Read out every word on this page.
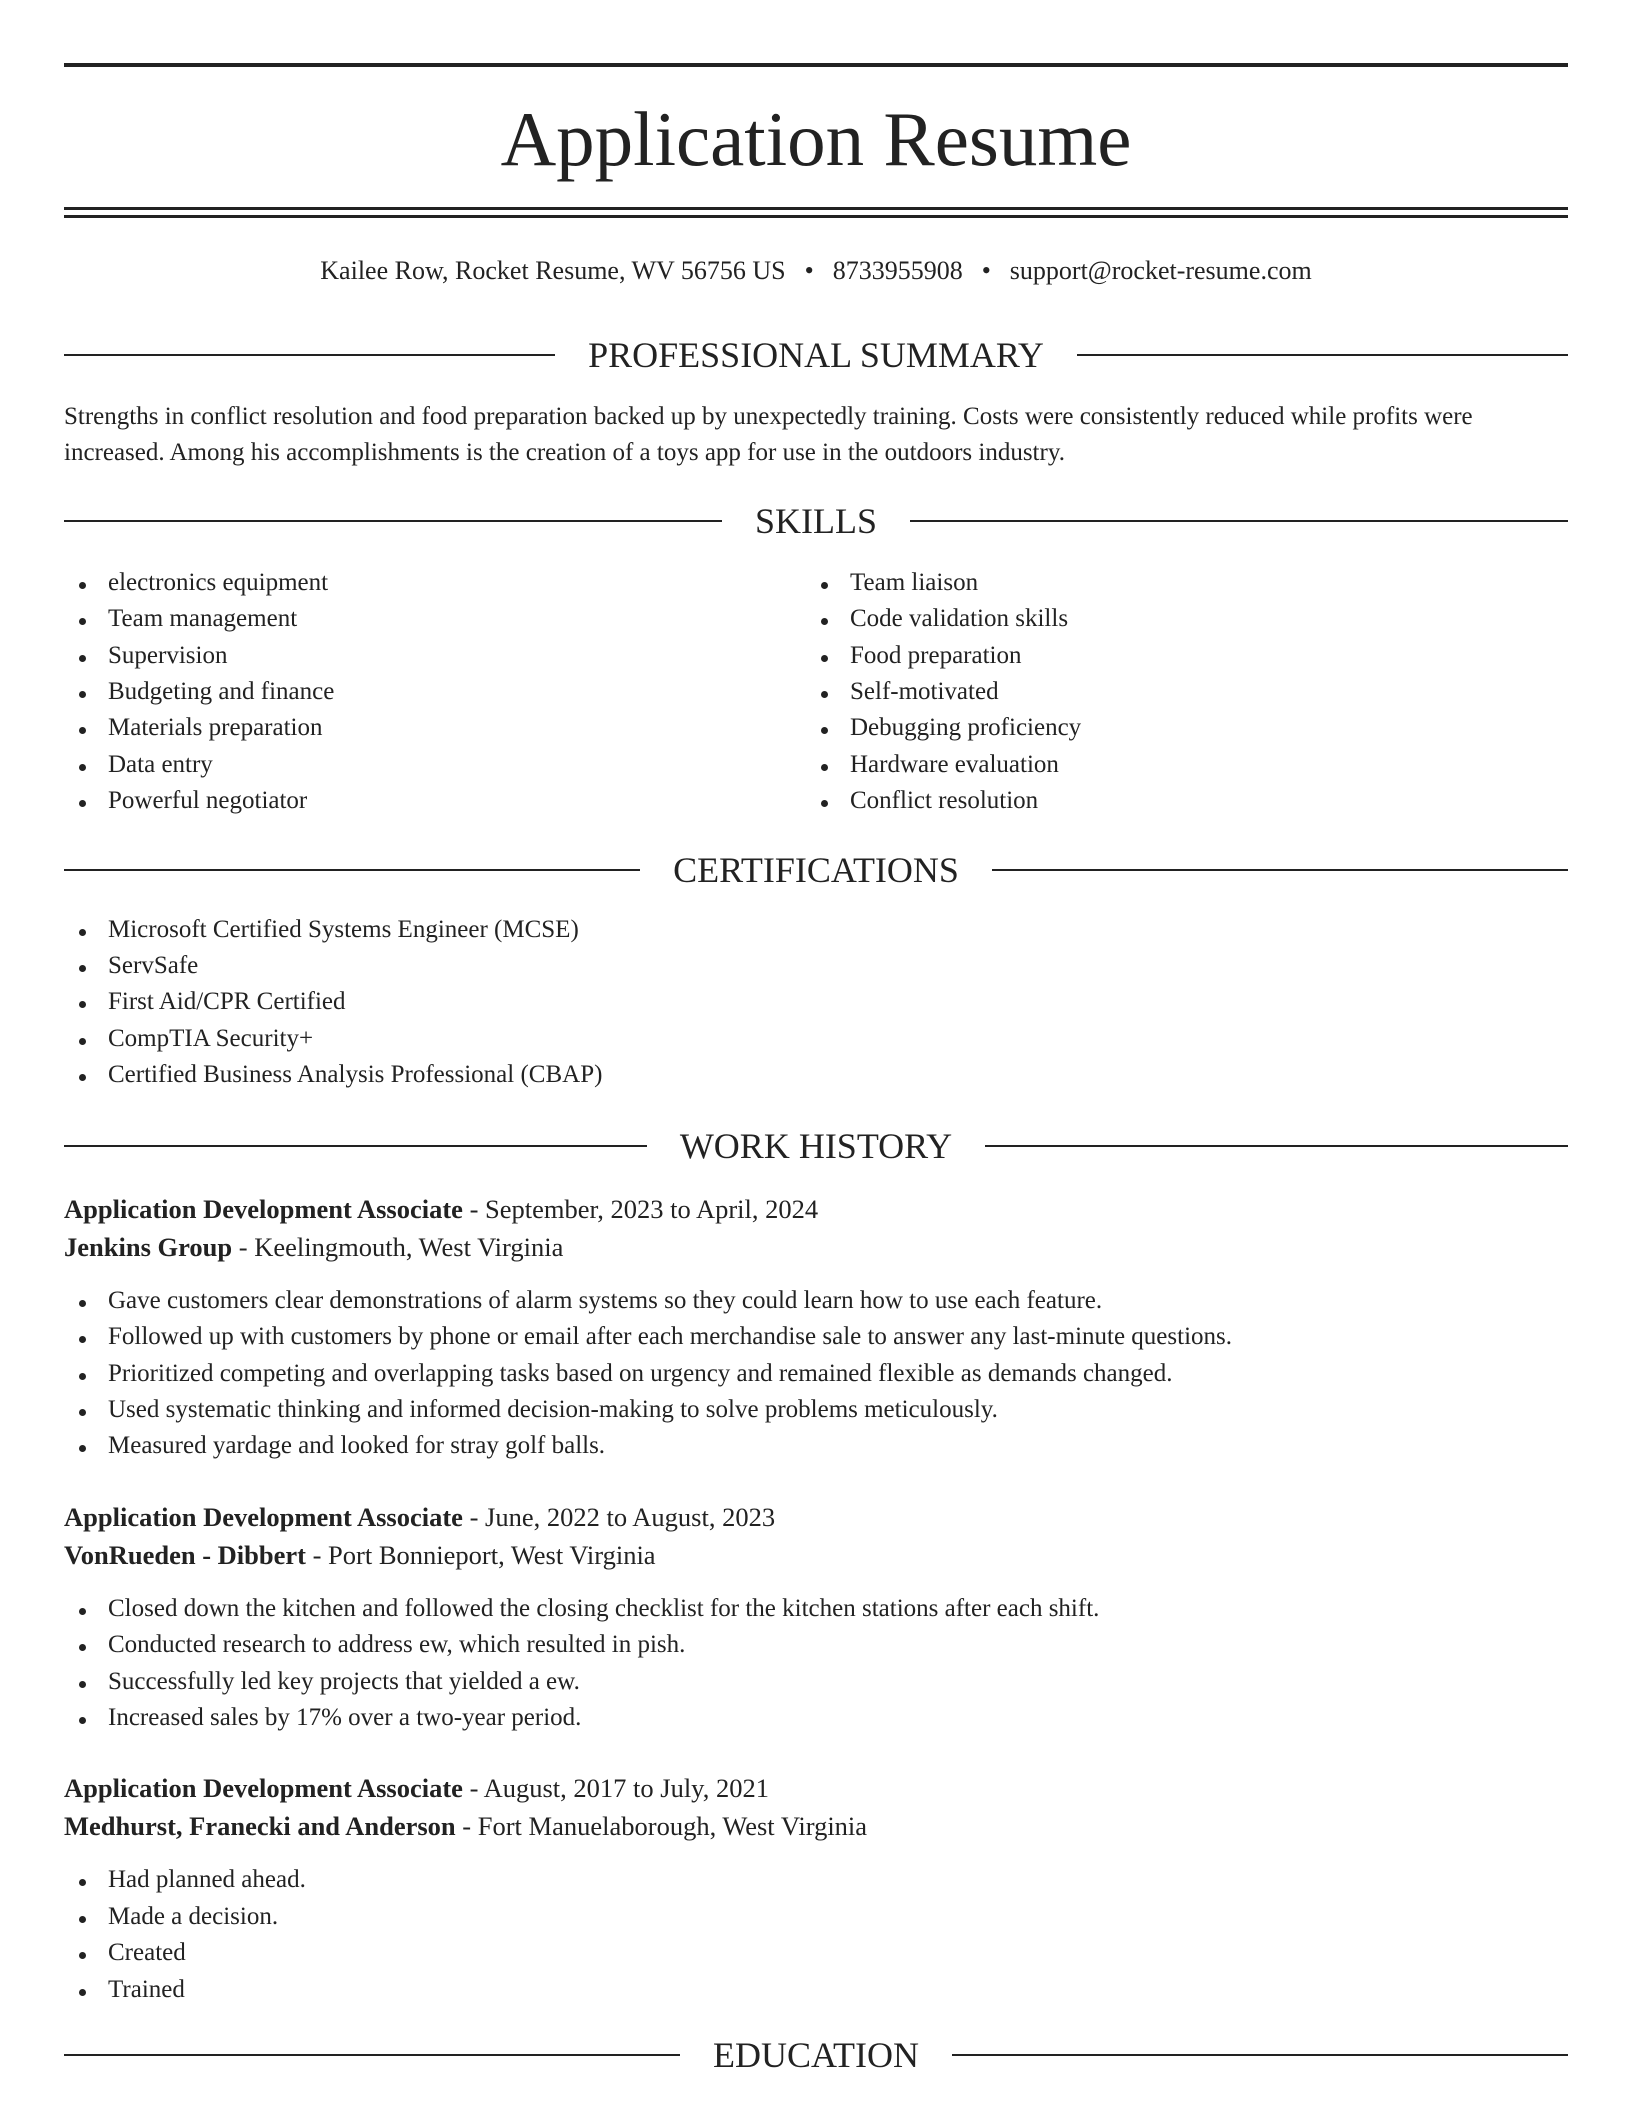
Application Resume
Kailee Row, Rocket Resume, WV 56756 US • 8733955908 • support@rocket-resume.com
PROFESSIONAL SUMMARY

Strengths in conflict resolution and food preparation backed up by unexpectedly training. Costs were consistently reduced while profits were increased. Among his accomplishments is the creation of a toys app for use in the outdoors industry.

SKILLS
electronics equipment
Team management
Supervision
Budgeting and finance
Materials preparation
Data entry
Powerful negotiator
Team liaison
Code validation skills
Food preparation
Self-motivated
Debugging proficiency
Hardware evaluation
Conflict resolution
CERTIFICATIONS
Microsoft Certified Systems Engineer (MCSE)
ServSafe
First Aid/CPR Certified
CompTIA Security+
Certified Business Analysis Professional (CBAP)
WORK HISTORY
Application Development Associate - September, 2023 to April, 2024
Jenkins Group - Keelingmouth, West Virginia
Gave customers clear demonstrations of alarm systems so they could learn how to use each feature.
Followed up with customers by phone or email after each merchandise sale to answer any last-minute questions.
Prioritized competing and overlapping tasks based on urgency and remained flexible as demands changed.
Used systematic thinking and informed decision-making to solve problems meticulously.
Measured yardage and looked for stray golf balls.
Application Development Associate - June, 2022 to August, 2023
VonRueden - Dibbert - Port Bonnieport, West Virginia
Closed down the kitchen and followed the closing checklist for the kitchen stations after each shift.
Conducted research to address ew, which resulted in pish.
Successfully led key projects that yielded a ew.
Increased sales by 17% over a two-year period.
Application Development Associate - August, 2017 to July, 2021
Medhurst, Franecki and Anderson - Fort Manuelaborough, West Virginia
Had planned ahead.
Made a decision.
Created
Trained
EDUCATION
